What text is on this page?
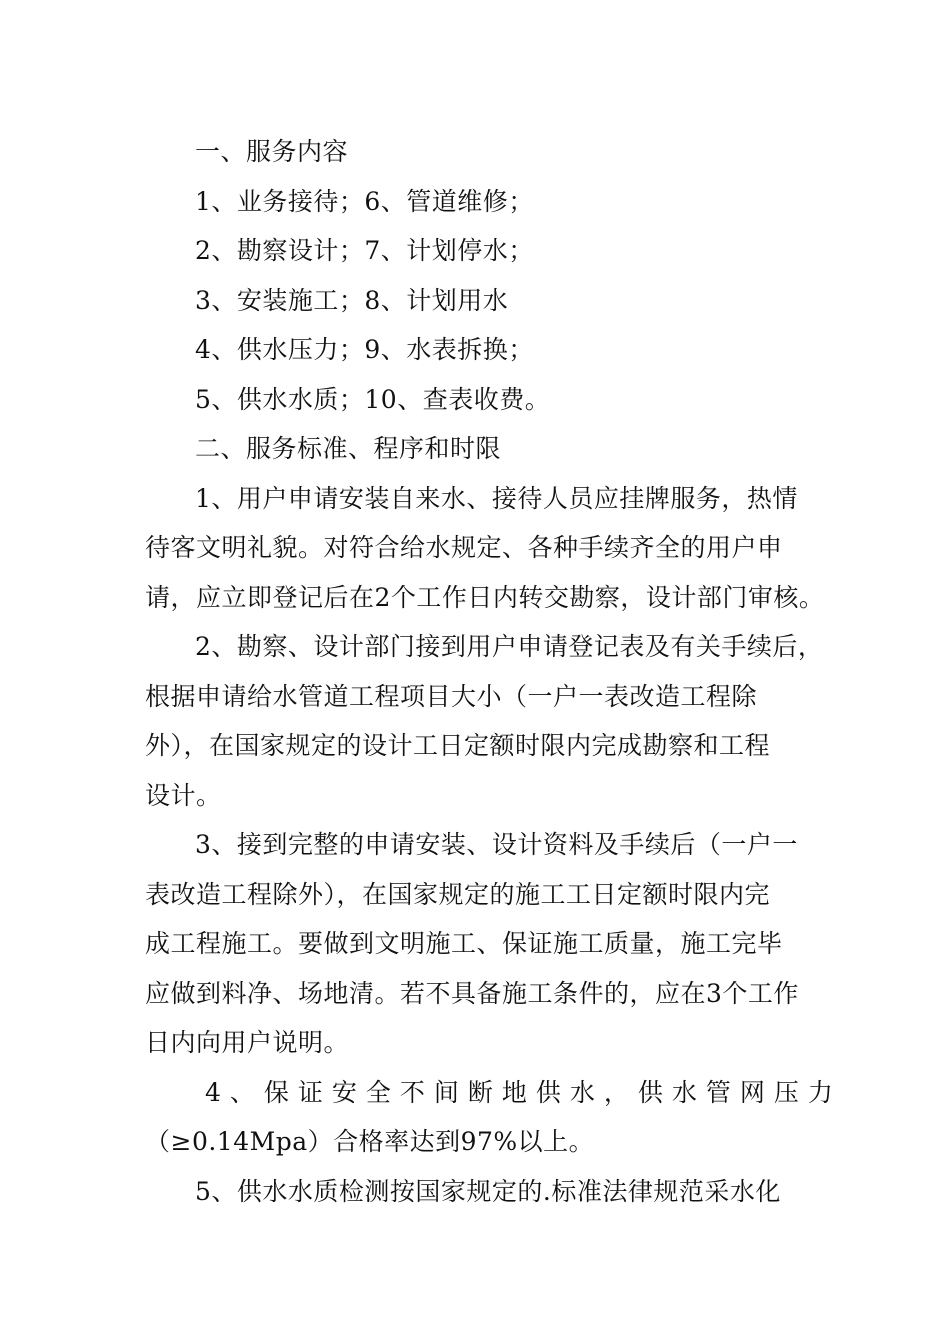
一、服务内容
1、业务接待；6、管道维修；
2、勘察设计；7、计划停水；
3、安装施工；8、计划用水
4、供水压力；9、水表拆换；
5、供水水质；10、查表收费。
二、服务标准、程序和时限
1、用户申请安装自来水、接待人员应挂牌服务，热情
待客文明礼貌。对符合给水规定、各种手续齐全的用户申
请，应立即登记后在2个工作日内转交勘察，设计部门审核。
2、勘察、设计部门接到用户申请登记表及有关手续后，
根据申请给水管道工程项目大小（一户一表改造工程除
外），在国家规定的设计工日定额时限内完成勘察和工程
设计。
3、接到完整的申请安装、设计资料及手续后（一户一
表改造工程除外），在国家规定的施工工日定额时限内完
成工程施工。要做到文明施工、保证施工质量，施工完毕
应做到料净、场地清。若不具备施工条件的，应在3个工作
日内向用户说明。
4、保证安全不间断地供水，供水管网压力
（≥0.14Mpa）合格率达到97%以上。
5、供水水质检测按国家规定的.标准法律规范采水化
